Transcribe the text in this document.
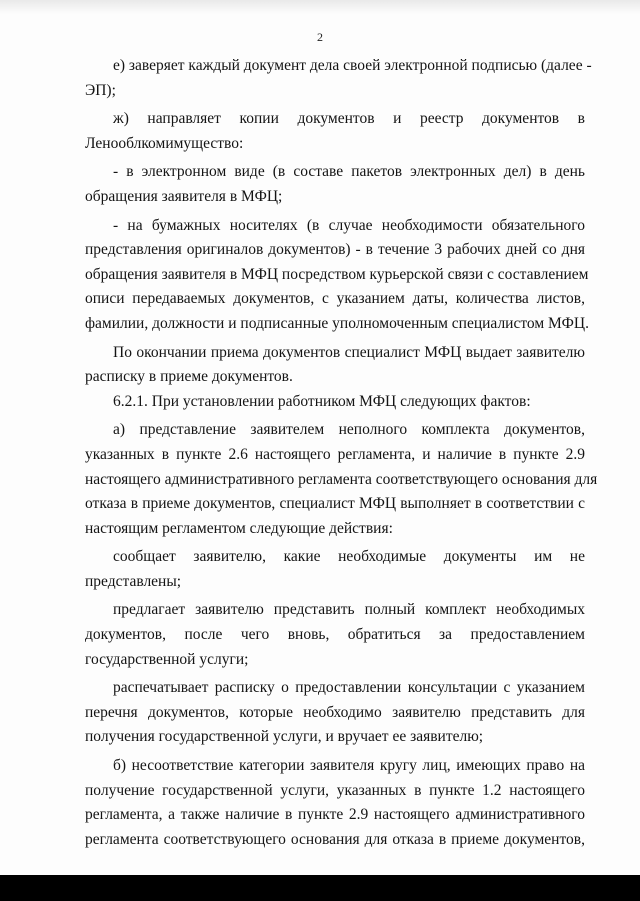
2
е) заверяет каждый документ дела своей электронной подписью (далее -
ЭП);
ж) направляет копии документов и реестр документов в
Ленооблкомимущество:
- в электронном виде (в составе пакетов электронных дел) в день
обращения заявителя в МФЦ;
- на бумажных носителях (в случае необходимости обязательного
представления оригиналов документов) - в течение 3 рабочих дней со дня
обращения заявителя в МФЦ посредством курьерской связи с составлением
описи передаваемых документов, с указанием даты, количества листов,
фамилии, должности и подписанные уполномоченным специалистом МФЦ.
По окончании приема документов специалист МФЦ выдает заявителю
расписку в приеме документов.
6.2.1. При установлении работником МФЦ следующих фактов:
а) представление заявителем неполного комплекта документов,
указанных в пункте 2.6 настоящего регламента, и наличие в пункте 2.9
настоящего административного регламента соответствующего основания для
отказа в приеме документов, специалист МФЦ выполняет в соответствии с
настоящим регламентом следующие действия:
сообщает заявителю, какие необходимые документы им не
представлены;
предлагает заявителю представить полный комплект необходимых
документов, после чего вновь, обратиться за предоставлением
государственной услуги;
распечатывает расписку о предоставлении консультации с указанием
перечня документов, которые необходимо заявителю представить для
получения государственной услуги, и вручает ее заявителю;
б) несоответствие категории заявителя кругу лиц, имеющих право на
получение государственной услуги, указанных в пункте 1.2 настоящего
регламента, а также наличие в пункте 2.9 настоящего административного
регламента соответствующего основания для отказа в приеме документов,
